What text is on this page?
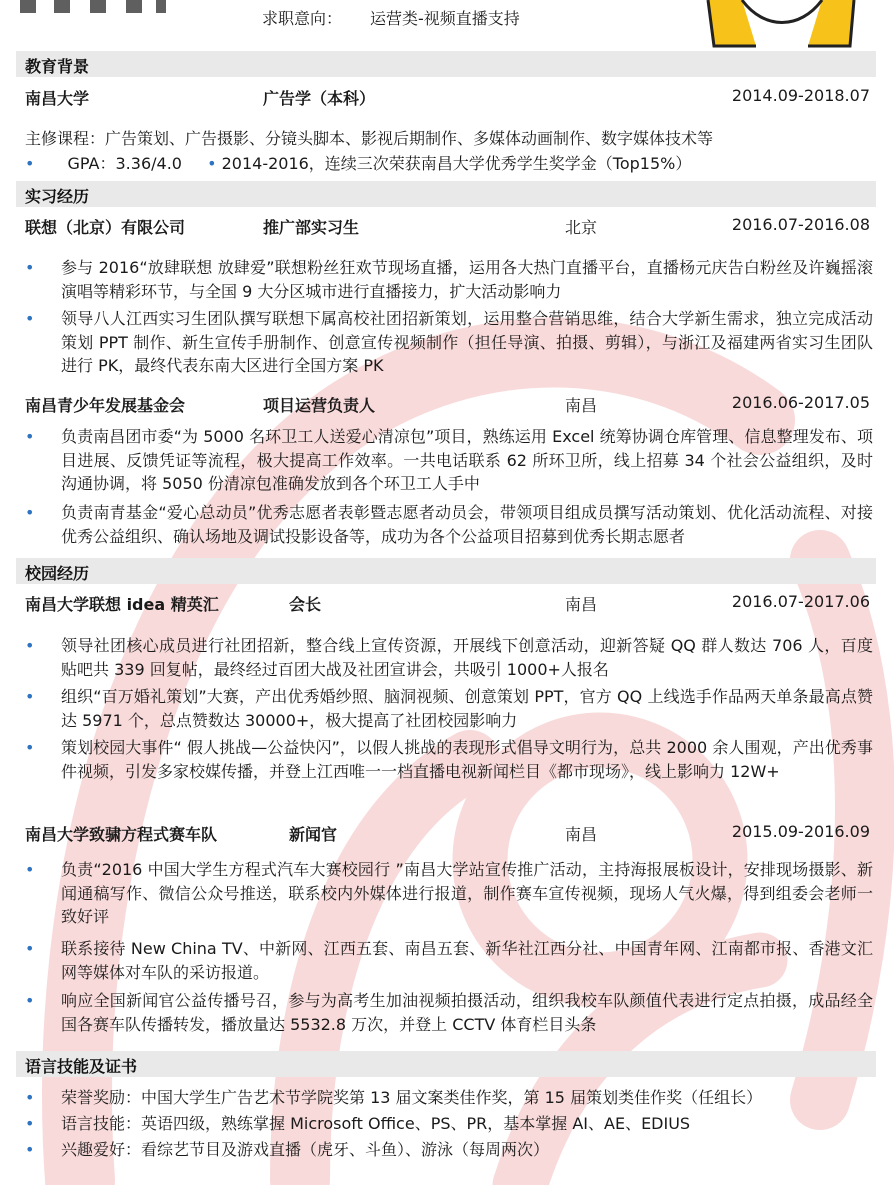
求职意向： 运营类-视频直播支持
教育背景
南昌大学	广告学（本科）	2014.09-2018.07
主修课程：广告策划、广告摄影、分镜头脚本、影视后期制作、多媒体动画制作、数字媒体技术等
• GPA：3.36/4.0 • 2014-2016，连续三次荣获南昌大学优秀学生奖学金（Top15%）
实习经历
联想（北京）有限公司	推广部实习生	北京	2016.07-2016.08
• 参与 2016“放肆联想 放肆爱”联想粉丝狂欢节现场直播，运用各大热门直播平台，直播杨元庆告白粉丝及许巍摇滚演唱等精彩环节，与全国 9 大分区城市进行直播接力，扩大活动影响力
• 领导八人江西实习生团队撰写联想下属高校社团招新策划，运用整合营销思维，结合大学新生需求，独立完成活动策划 PPT 制作、新生宣传手册制作、创意宣传视频制作（担任导演、拍摄、剪辑），与浙江及福建两省实习生团队进行 PK，最终代表东南大区进行全国方案 PK
南昌青少年发展基金会	项目运营负责人	南昌	2016.06-2017.05
• 负责南昌团市委“为 5000 名环卫工人送爱心清凉包”项目，熟练运用 Excel 统筹协调仓库管理、信息整理发布、项目进展、反馈凭证等流程，极大提高工作效率。一共电话联系 62 所环卫所，线上招募 34 个社会公益组织，及时沟通协调，将 5050 份清凉包准确发放到各个环卫工人手中
• 负责南青基金“爱心总动员”优秀志愿者表彰暨志愿者动员会，带领项目组成员撰写活动策划、优化活动流程、对接优秀公益组织、确认场地及调试投影设备等，成功为各个公益项目招募到优秀长期志愿者
校园经历
南昌大学联想 idea 精英汇	会长	南昌	2016.07-2017.06
• 领导社团核心成员进行社团招新，整合线上宣传资源，开展线下创意活动，迎新答疑 QQ 群人数达 706 人，百度贴吧共 339 回复帖，最终经过百团大战及社团宣讲会，共吸引 1000+人报名
• 组织“百万婚礼策划”大赛，产出优秀婚纱照、脑洞视频、创意策划 PPT，官方 QQ 上线选手作品两天单条最高点赞达 5971 个，总点赞数达 30000+，极大提高了社团校园影响力
• 策划校园大事件“ 假人挑战—公益快闪”，以假人挑战的表现形式倡导文明行为，总共 2000 余人围观，产出优秀事件视频，引发多家校媒传播，并登上江西唯一一档直播电视新闻栏目《都市现场》，线上影响力 12W+
南昌大学致骕方程式赛车队	新闻官	南昌	2015.09-2016.09
• 负责“2016 中国大学生方程式汽车大赛校园行 ”南昌大学站宣传推广活动，主持海报展板设计，安排现场摄影、新闻通稿写作、微信公众号推送，联系校内外媒体进行报道，制作赛车宣传视频，现场人气火爆，得到组委会老师一致好评
• 联系接待 New China TV、中新网、江西五套、南昌五套、新华社江西分社、中国青年网、江南都市报、香港文汇网等媒体对车队的采访报道。
• 响应全国新闻官公益传播号召，参与为高考生加油视频拍摄活动，组织我校车队颜值代表进行定点拍摄，成品经全国各赛车队传播转发，播放量达 5532.8 万次，并登上 CCTV 体育栏目头条
语言技能及证书
• 荣誉奖励：中国大学生广告艺术节学院奖第 13 届文案类佳作奖，第 15 届策划类佳作奖（任组长）
• 语言技能：英语四级，熟练掌握 Microsoft Office、PS、PR，基本掌握 AI、AE、EDIUS
• 兴趣爱好：看综艺节目及游戏直播（虎牙、斗鱼）、游泳（每周两次）
